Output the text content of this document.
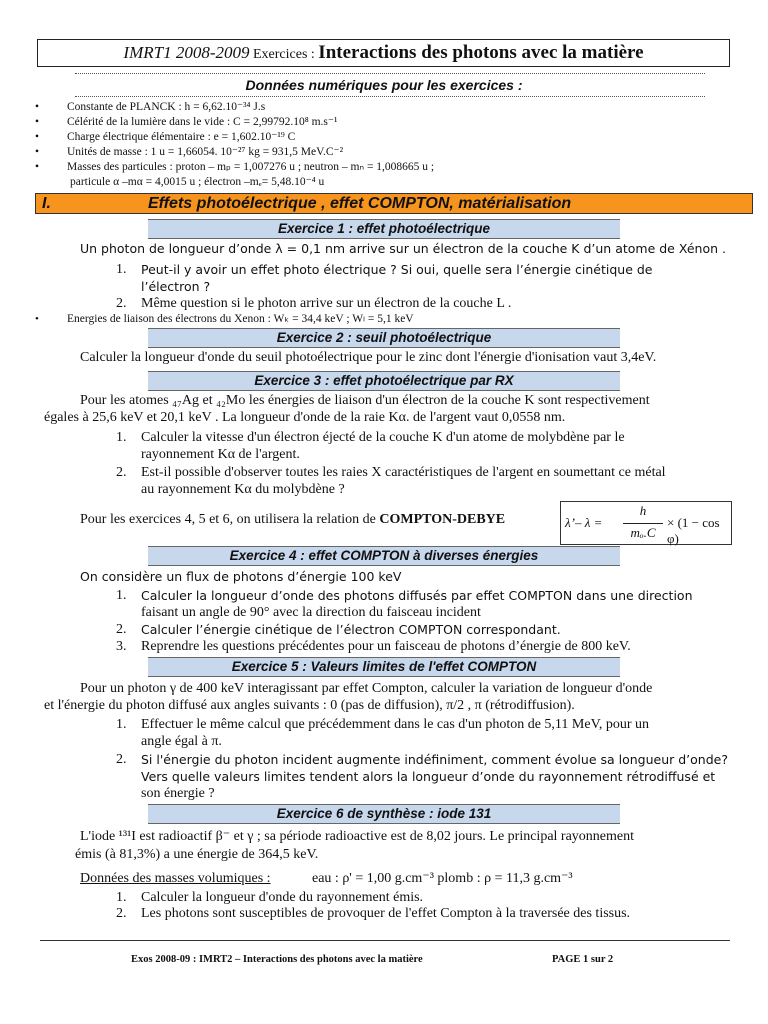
IMRT1 2008-2009 Exercices : Interactions des photons avec la matière
Données numériques pour les exercices :
• Constante de PLANCK : h = 6,62.10⁻³⁴ J.s
• Célérité de la lumière dans le vide : C = 2,99792.10⁸ m.s⁻¹
• Charge électrique élémentaire : e = 1,602.10⁻¹⁹ C
• Unités de masse : 1 u = 1,66054. 10⁻²⁷ kg = 931,5 MeV.C⁻²
• Masses des particules : proton – mₚ = 1,007276 u ; neutron – mₙ = 1,008665 u ;
particule α –mα = 4,0015 u ; électron –mₑ= 5,48.10⁻⁴ u
I.	Effets photoélectrique , effet COMPTON, matérialisation
Exercice 1 : effet photoélectrique
Un photon de longueur d’onde λ = 0,1 nm arrive sur un électron de la couche K d’un atome de Xénon .
1. Peut-il y avoir un effet photo électrique ? Si oui, quelle sera l’énergie cinétique de
l’électron ?
2. Même question si le photon arrive sur un électron de la couche L .
• Energies de liaison des électrons du Xenon : Wₖ = 34,4 keV ; Wₗ = 5,1 keV
Exercice 2 : seuil photoélectrique
Calculer la longueur d'onde du seuil photoélectrique pour le zinc dont l'énergie d'ionisation vaut 3,4eV.
Exercice 3 : effet photoélectrique par RX
Pour les atomes ₄₇Ag et ₄₂Mo les énergies de liaison d'un électron de la couche K sont respectivement
égales à 25,6 keV et 20,1 keV . La longueur d'onde de la raie Kα. de l'argent vaut 0,0558 nm.
1. Calculer la vitesse d'un électron éjecté de la couche K d'un atome de molybdène par le
rayonnement Kα de l'argent.
2. Est-il possible d'observer toutes les raies X caractéristiques de l'argent en soumettant ce métal
au rayonnement Kα du molybdène ?
Pour les exercices 4, 5 et 6, on utilisera la relation de COMPTON-DEBYE	λ’– λ =
h
mₒ.C
× (1 − cos φ)
Exercice 4 : effet COMPTON à diverses énergies
On considère un flux de photons d’énergie 100 keV
1. Calculer la longueur d’onde des photons diffusés par effet COMPTON dans une direction
faisant un angle de 90° avec la direction du faisceau incident
2. Calculer l’énergie cinétique de l’électron COMPTON correspondant.
3. Reprendre les questions précédentes pour un faisceau de photons d’énergie de 800 keV.
Exercice 5 : Valeurs limites de l'effet COMPTON
Pour un photon γ de 400 keV interagissant par effet Compton, calculer la variation de longueur d'onde
et l'énergie du photon diffusé aux angles suivants : 0 (pas de diffusion), π/2 , π (rétrodiffusion).
1. Effectuer le même calcul que précédemment dans le cas d'un photon de 5,11 MeV, pour un
angle égal à π.
2. Si l'énergie du photon incident augmente indéfiniment, comment évolue sa longueur d’onde?
Vers quelle valeurs limites tendent alors la longueur d’onde du rayonnement rétrodiffusé et
son énergie ?
Exercice 6 de synthèse : iode 131
L'iode ¹³¹I est radioactif β⁻ et γ ; sa période radioactive est de 8,02 jours. Le principal rayonnement
émis (à 81,3%) a une énergie de 364,5 keV.
Données des masses volumiques :	eau : ρ' = 1,00 g.cm⁻³ plomb : ρ = 11,3 g.cm⁻³
1. Calculer la longueur d'onde du rayonnement émis.
2. Les photons sont susceptibles de provoquer de l'effet Compton à la traversée des tissus.
Exos 2008-09 : IMRT2 – Interactions des photons avec la matière	PAGE 1 sur 2
